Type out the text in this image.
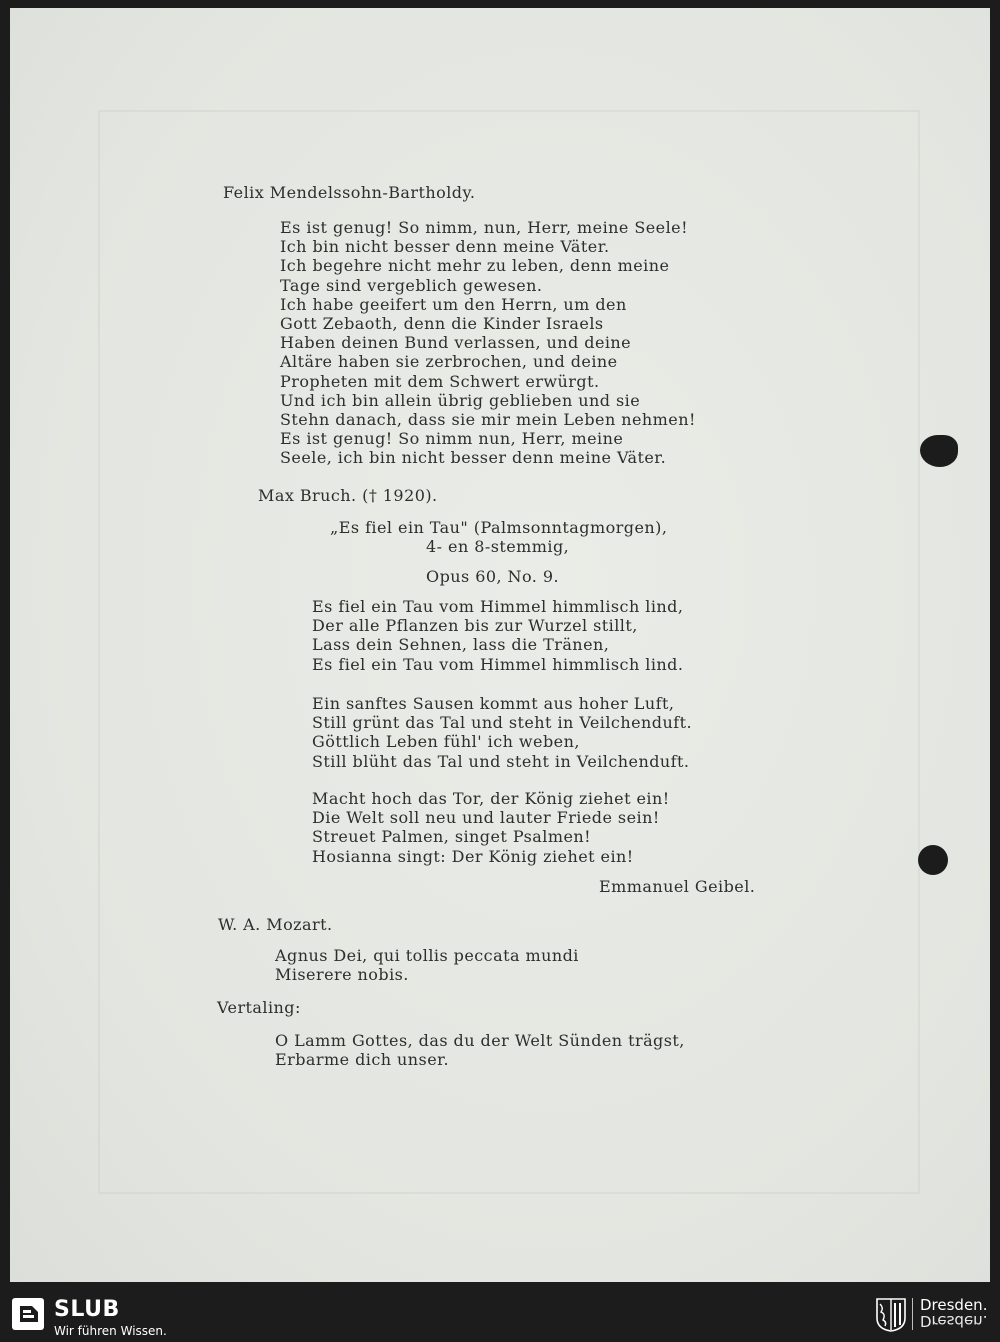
Felix Mendelssohn-Bartholdy.
Es ist genug! So nimm, nun, Herr, meine Seele!
Ich bin nicht besser denn meine Väter.
Ich begehre nicht mehr zu leben, denn meine
Tage sind vergeblich gewesen.
Ich habe geeifert um den Herrn, um den
Gott Zebaoth, denn die Kinder Israels
Haben deinen Bund verlassen, und deine
Altäre haben sie zerbrochen, und deine
Propheten mit dem Schwert erwürgt.
Und ich bin allein übrig geblieben und sie
Stehn danach, dass sie mir mein Leben nehmen!
Es ist genug! So nimm nun, Herr, meine
Seele, ich bin nicht besser denn meine Väter.
Max Bruch. († 1920).
„Es fiel ein Tau" (Palmsonntagmorgen),
4- en 8-stemmig,
Opus 60, No. 9.
Es fiel ein Tau vom Himmel himmlisch lind,
Der alle Pflanzen bis zur Wurzel stillt,
Lass dein Sehnen, lass die Tränen,
Es fiel ein Tau vom Himmel himmlisch lind.
Ein sanftes Sausen kommt aus hoher Luft,
Still grünt das Tal und steht in Veilchenduft.
Göttlich Leben fühl' ich weben,
Still blüht das Tal und steht in Veilchenduft.
Macht hoch das Tor, der König ziehet ein!
Die Welt soll neu und lauter Friede sein!
Streuet Palmen, singet Psalmen!
Hosianna singt: Der König ziehet ein!
Emmanuel Geibel.
W. A. Mozart.
Agnus Dei, qui tollis peccata mundi
Miserere nobis.
Vertaling:
O Lamm Gottes, das du der Welt Sünden trägst,
Erbarme dich unser.
SLUB
Wir führen Wissen.
Dresden.
Dresden.
